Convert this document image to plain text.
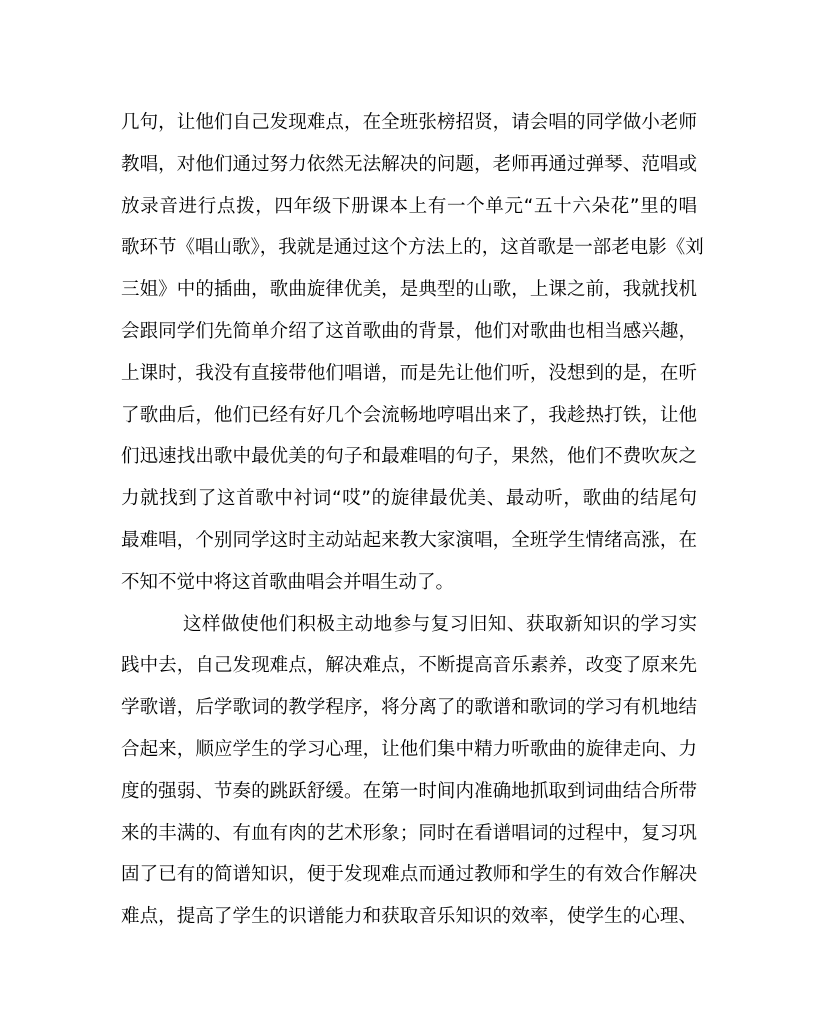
几句，让他们自己发现难点，在全班张榜招贤，请会唱的同学做小老师
教唱，对他们通过努力依然无法解决的问题，老师再通过弹琴、范唱或
放录音进行点拨，四年级下册课本上有一个单元“五十六朵花”里的唱
歌环节《唱山歌》，我就是通过这个方法上的，这首歌是一部老电影《刘
三姐》中的插曲，歌曲旋律优美，是典型的山歌，上课之前，我就找机
会跟同学们先简单介绍了这首歌曲的背景，他们对歌曲也相当感兴趣，
上课时，我没有直接带他们唱谱，而是先让他们听，没想到的是，在听
了歌曲后，他们已经有好几个会流畅地哼唱出来了，我趁热打铁，让他
们迅速找出歌中最优美的句子和最难唱的句子，果然，他们不费吹灰之
力就找到了这首歌中衬词“哎”的旋律最优美、最动听，歌曲的结尾句
最难唱，个别同学这时主动站起来教大家演唱，全班学生情绪高涨，在
不知不觉中将这首歌曲唱会并唱生动了。
这样做使他们积极主动地参与复习旧知、获取新知识的学习实
践中去，自己发现难点，解决难点，不断提高音乐素养，改变了原来先
学歌谱，后学歌词的教学程序，将分离了的歌谱和歌词的学习有机地结
合起来，顺应学生的学习心理，让他们集中精力听歌曲的旋律走向、力
度的强弱、节奏的跳跃舒缓。在第一时间内准确地抓取到词曲结合所带
来的丰满的、有血有肉的艺术形象；同时在看谱唱词的过程中，复习巩
固了已有的简谱知识，便于发现难点而通过教师和学生的有效合作解决
难点，提高了学生的识谱能力和获取音乐知识的效率，使学生的心理、
